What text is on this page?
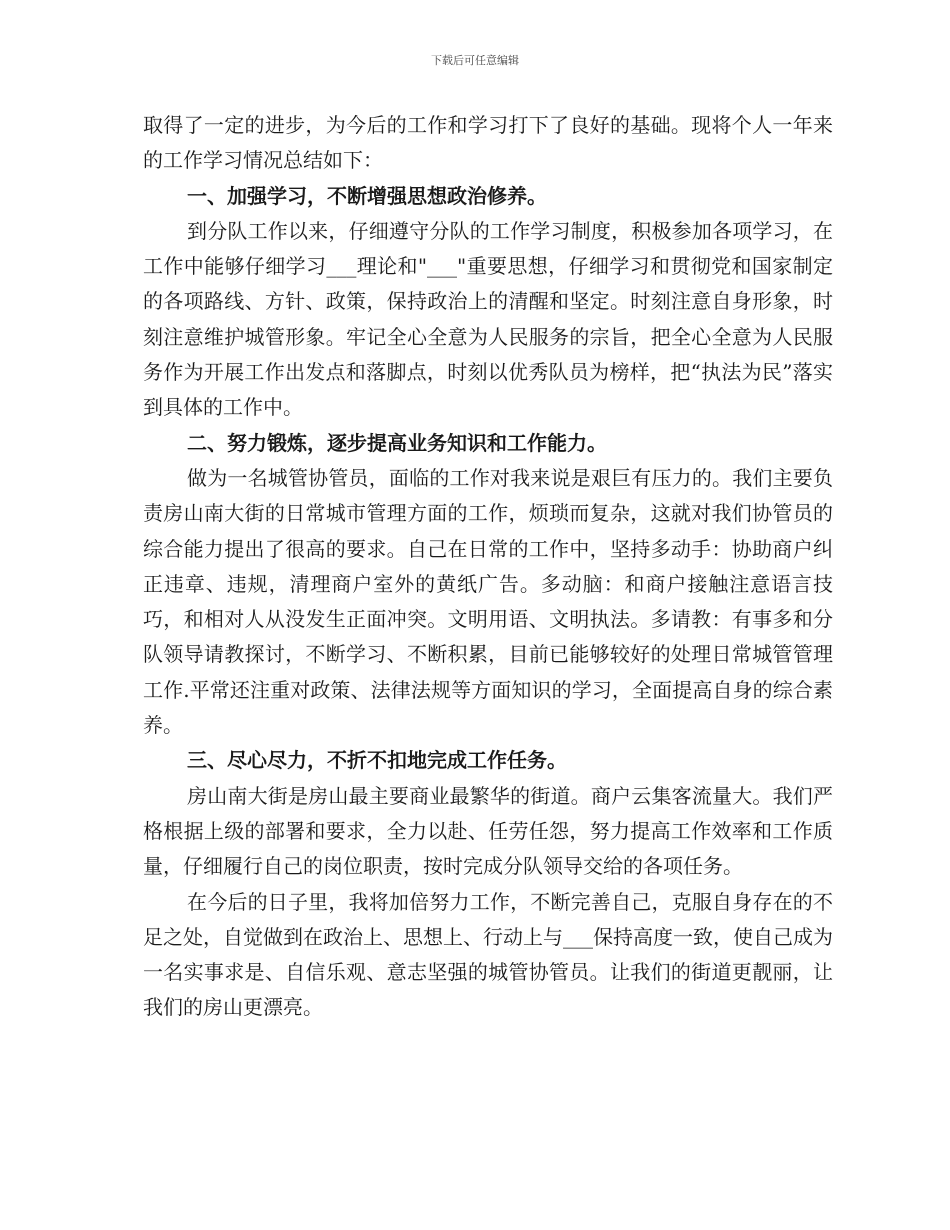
下载后可任意编辑

取得了一定的进步，为今后的工作和学习打下了良好的基础。现将个人一年来的工作学习情况总结如下：

一、加强学习，不断增强思想政治修养。

到分队工作以来，仔细遵守分队的工作学习制度，积极参加各项学习，在工作中能够仔细学习___理论和"___"重要思想，仔细学习和贯彻党和国家制定的各项路线、方针、政策，保持政治上的清醒和坚定。时刻注意自身形象，时刻注意维护城管形象。牢记全心全意为人民服务的宗旨，把全心全意为人民服务作为开展工作出发点和落脚点，时刻以优秀队员为榜样，把“执法为民”落实到具体的工作中。

二、努力锻炼，逐步提高业务知识和工作能力。

做为一名城管协管员，面临的工作对我来说是艰巨有压力的。我们主要负责房山南大街的日常城市管理方面的工作，烦琐而复杂，这就对我们协管员的综合能力提出了很高的要求。自己在日常的工作中，坚持多动手：协助商户纠正违章、违规，清理商户室外的黄纸广告。多动脑：和商户接触注意语言技巧，和相对人从没发生正面冲突。文明用语、文明执法。多请教：有事多和分队领导请教探讨，不断学习、不断积累，目前已能够较好的处理日常城管管理工作.平常还注重对政策、法律法规等方面知识的学习，全面提高自身的综合素养。

三、尽心尽力，不折不扣地完成工作任务。

房山南大街是房山最主要商业最繁华的街道。商户云集客流量大。我们严格根据上级的部署和要求，全力以赴、任劳任怨，努力提高工作效率和工作质量，仔细履行自己的岗位职责，按时完成分队领导交给的各项任务。

在今后的日子里，我将加倍努力工作，不断完善自己，克服自身存在的不足之处，自觉做到在政治上、思想上、行动上与___保持高度一致，使自己成为一名实事求是、自信乐观、意志坚强的城管协管员。让我们的街道更靓丽，让我们的房山更漂亮。
